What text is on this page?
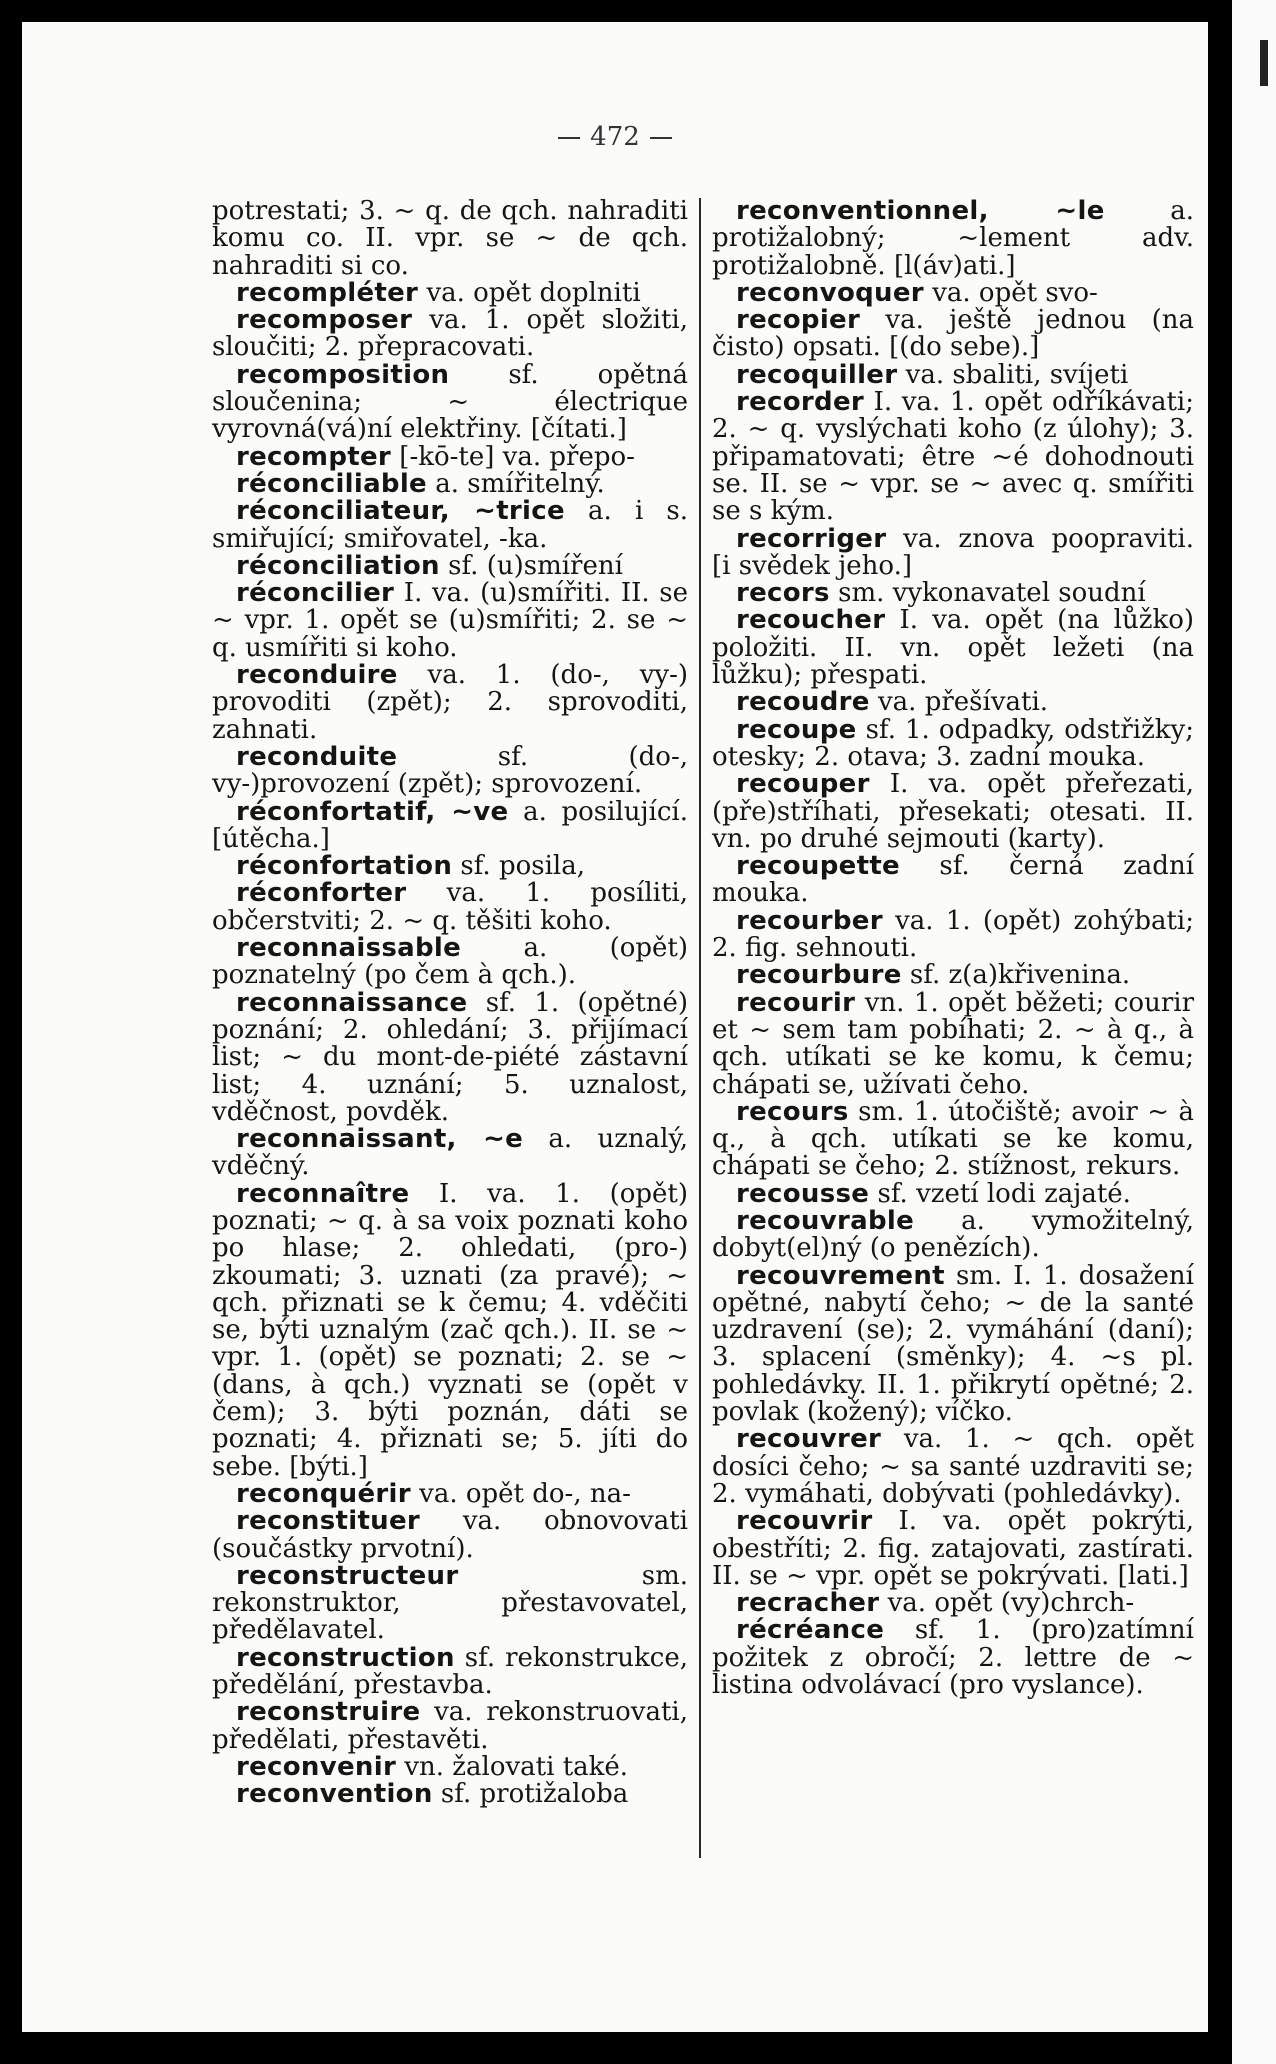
472

potrestati; 3. ~ q. de qch. nahraditi komu co. II. vpr. se ~ de qch. nahraditi si co.

recompléter va. opět doplniti

recomposer va. 1. opět složiti, sloučiti; 2. přepracovati.

recomposition sf. opětná sloučenina; ~ électrique vyrovná(vá)ní elektřiny. [čítati.]

recompter [-kō-te] va. přepo-

réconciliable a. smířitelný.

réconciliateur, ~trice a. i s. smiřující; smiřovatel, -ka.

réconciliation sf. (u)smíření

réconcilier I. va. (u)smířiti. II. se ~ vpr. 1. opět se (u)smířiti; 2. se ~ q. usmířiti si koho.

reconduire va. 1. (do-, vy-) provoditi (zpět); 2. sprovoditi, zahnati.

reconduite	sf. (do-, vy-)provození (zpět); sprovození.

réconfortatif, ~ve a. posilující. [útěcha.]

réconfortation sf. posila,

réconforter va. 1. posíliti, občerstviti; 2. ~ q. těšiti koho.

reconnaissable a. (opět) poznatelný (po čem à qch.).

reconnaissance sf. 1. (opětné) poznání; 2. ohledání; 3. přijímací list; ~ du mont-de-piété zástavní list; 4. uznání; 5. uznalost, vděčnost, povděk.

reconnaissant, ~e a. uznalý, vděčný.

reconnaître I. va. 1. (opět) poznati; ~ q. à sa voix poznati koho po hlase; 2. ohledati, (pro-) zkoumati; 3. uznati (za pravé); ~ qch. přiznati se k čemu; 4. vděčiti se, býti uznalým (zač qch.). II. se ~ vpr. 1. (opět) se poznati; 2. se ~ (dans, à qch.) vyznati se (opět v čem); 3. býti poznán, dáti se poznati; 4. přiznati se; 5. jíti do sebe. [býti.]

reconquérir va. opět do-, na-

reconstituer va. obnovovati (součástky prvotní).

reconstructeur	sm. rekonstruktor, přestavovatel, předělavatel.

reconstruction sf. rekonstrukce, předělání, přestavba.

reconstruire va. rekonstruovati, předělati, přestavěti.

reconvenir vn. žalovati také.

reconvention sf. protižaloba

reconventionnel, ~le	a. protižalobný; ~lement adv. protižalobně. [l(áv)ati.]

reconvoquer va. opět svo-

recopier va. ještě jednou (na čisto) opsati. [(do sebe).]

recoquiller va. sbaliti, svíjeti

recorder I. va. 1. opět odříkávati; 2. ~ q. vyslýchati koho (z úlohy); 3. připamatovati; être ~é dohodnouti se. II. se ~ vpr. se ~ avec q. smířiti se s kým.

recorriger va. znova poopraviti. [i svědek jeho.]

recors sm. vykonavatel soudní

recoucher I. va. opět (na lůžko) položiti. II. vn. opět ležeti (na lůžku); přespati.

recoudre va. přešívati.

recoupe sf. 1. odpadky, odstřižky; otesky; 2. otava; 3. zadní mouka.

recouper I. va. opět přeřezati, (pře)stříhati, přesekati; otesati. II. vn. po druhé sejmouti (karty).

recoupette sf. černá zadní mouka.

recourber va. 1. (opět) zohýbati; 2. fig. sehnouti.

recourbure sf. z(a)křivenina.

recourir vn. 1. opět běžeti; courir et ~ sem tam pobíhati; 2. ~ à q., à qch. utíkati se ke komu, k čemu; chápati se, užívati čeho.

recours sm. 1. útočiště; avoir ~ à q., à qch. utíkati se ke komu, chápati se čeho; 2. stížnost, rekurs.

recousse sf. vzetí lodi zajaté.

recouvrable a. vymožitelný, dobyt(el)ný (o penězích).

recouvrement sm. I. 1. dosažení opětné, nabytí čeho; ~ de la santé uzdravení (se); 2. vymáhání (daní); 3. splacení (směnky); 4. ~s pl. pohledávky. II. 1. přikrytí opětné; 2. povlak (kožený); víčko.

recouvrer va. 1. ~ qch. opět dosíci čeho; ~ sa santé uzdraviti se; 2. vymáhati, dobývati (pohledávky).

recouvrir I. va. opět pokrýti, obestříti; 2. fig. zatajovati, zastírati. II. se ~ vpr. opět se pokrývati. [lati.]

recracher va. opět (vy)chrch-

récréance sf. 1. (pro)zatímní požitek z obročí; 2. lettre de ~ listina odvolávací (pro vyslance).
